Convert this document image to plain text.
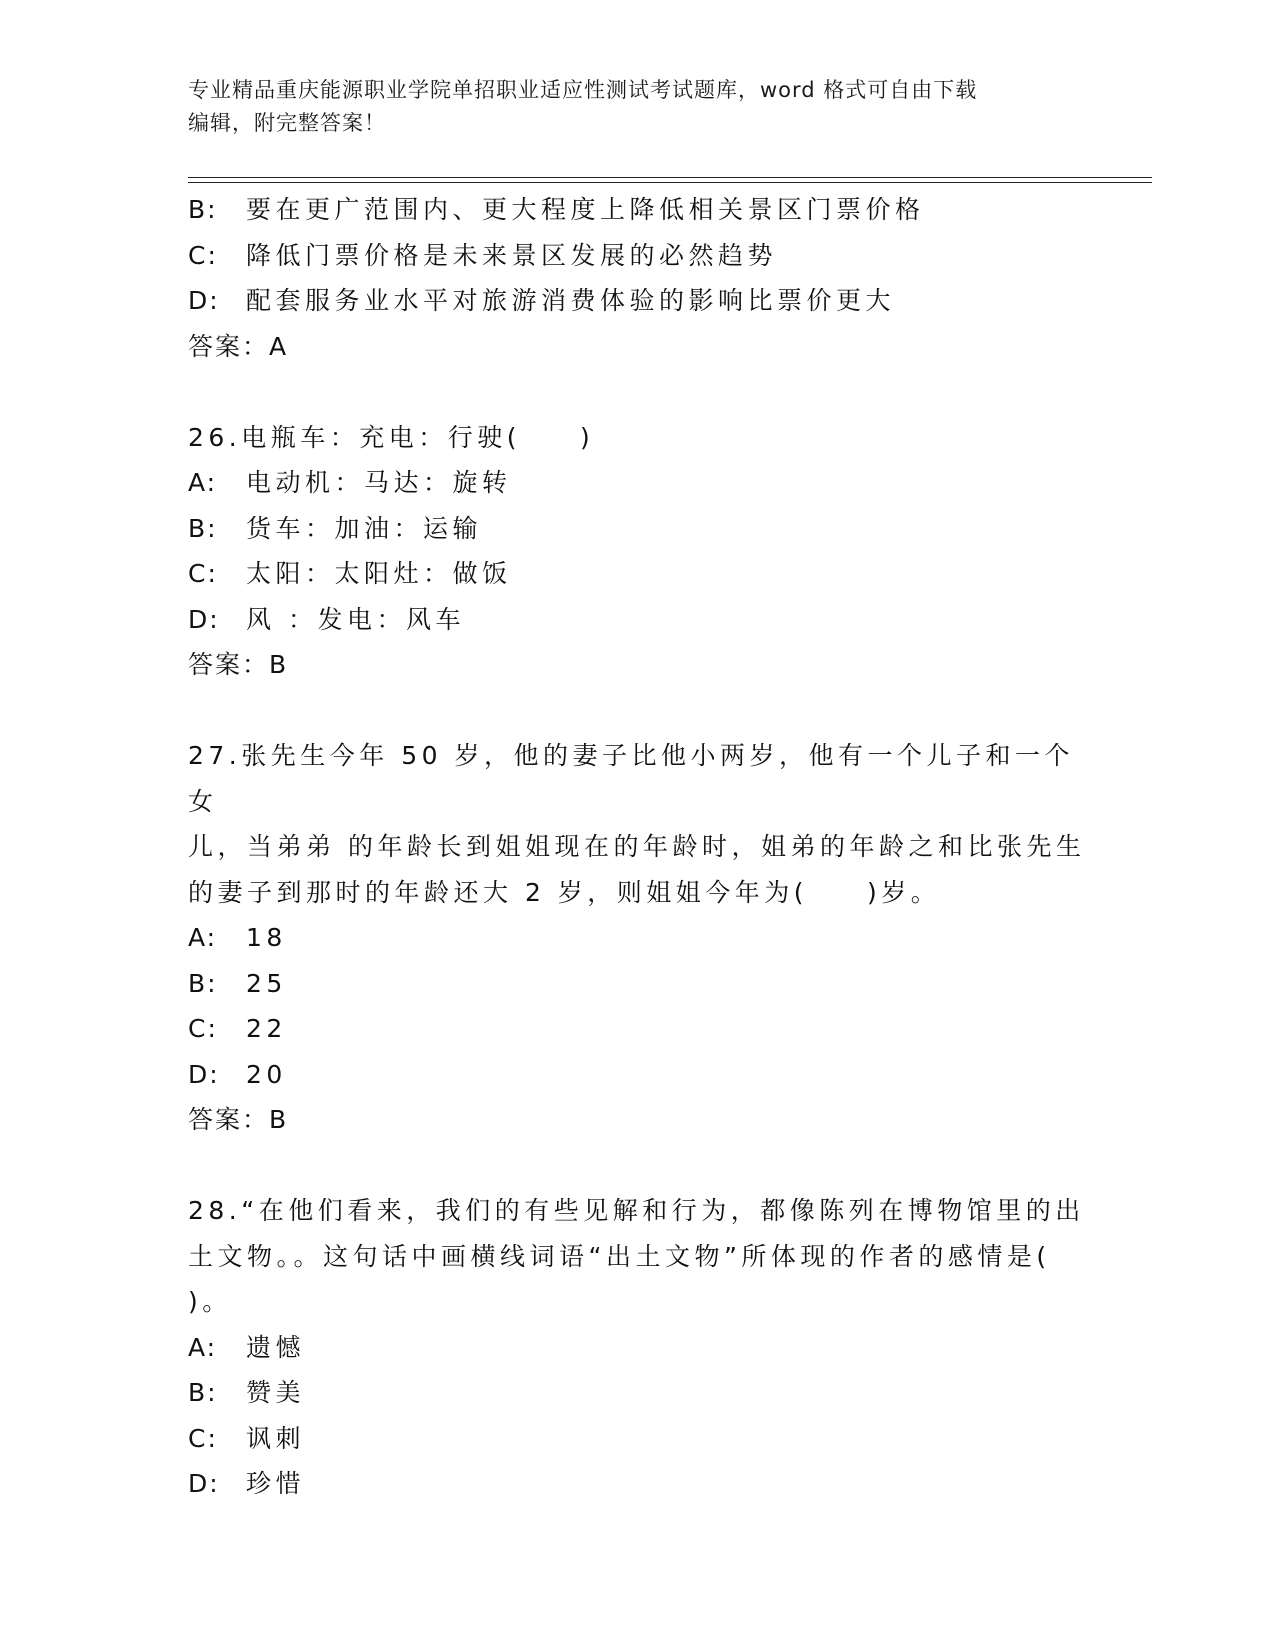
专业精品重庆能源职业学院单招职业适应性测试考试题库，word 格式可自由下载
编辑，附完整答案！
B:	要在更广范围内、更大程度上降低相关景区门票价格
C:	降低门票价格是未来景区发展的必然趋势
D:	配套服务业水平对旅游消费体验的影响比票价更大
答案：A
26.电瓶车：充电：行驶(　　)
A:	电动机：马达：旋转
B:	货车：加油：运输
C:	太阳：太阳灶：做饭
D:	风 ：发电：风车
答案：B
27.张先生今年 50 岁，他的妻子比他小两岁，他有一个儿子和一个女
儿，当弟弟 的年龄长到姐姐现在的年龄时，姐弟的年龄之和比张先生
的妻子到那时的年龄还大 2 岁，则姐姐今年为(　　)岁。
A:	18
B:	25
C:	22
D:	20
答案：B
28.“在他们看来，我们的有些见解和行为，都像陈列在博物馆里的出
土文物。。这句话中画横线词语“出土文物”所体现的作者的感情是(
)。
A:	遗憾
B:	赞美
C:	讽刺
D:	珍惜
